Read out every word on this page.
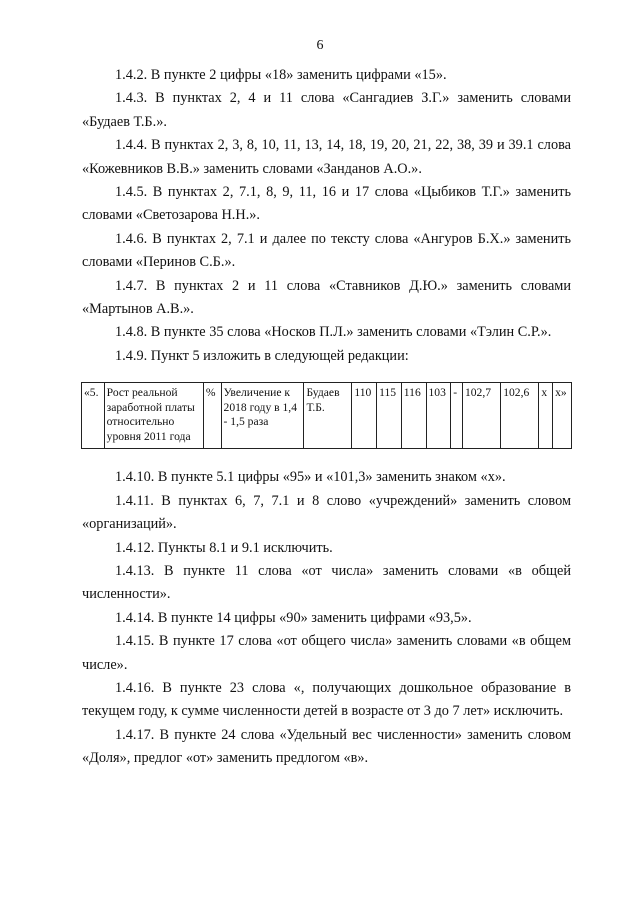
6

1.4.2. В пункте 2 цифры «18» заменить цифрами «15».

1.4.3. В пунктах 2, 4 и 11 слова «Сангадиев З.Г.» заменить словами «Будаев Т.Б.».

1.4.4. В пунктах 2, 3, 8, 10, 11, 13, 14, 18, 19, 20, 21, 22, 38, 39 и 39.1 слова «Кожевников В.В.» заменить словами «Занданов А.О.».

1.4.5. В пунктах 2, 7.1, 8, 9, 11, 16 и 17 слова «Цыбиков Т.Г.» заменить словами «Светозарова Н.Н.».

1.4.6. В пунктах 2, 7.1 и далее по тексту слова «Ангуров Б.Х.» заменить словами «Перинов С.Б.».

1.4.7. В пунктах 2 и 11 слова «Ставников Д.Ю.» заменить словами «Мартынов А.В.».

1.4.8. В пункте 35 слова «Носков П.Л.» заменить словами «Тэлин С.Р.».

1.4.9. Пункт 5 изложить в следующей редакции:

«5.	Рост реальной заработной платы относительно уровня 2011 года	%	Увеличение к 2018 году в 1,4 - 1,5 раза	Будаев Т.Б.	110	115	116	103	-	102,7	102,6	x	x»

1.4.10. В пункте 5.1 цифры «95» и «101,3» заменить знаком «х».

1.4.11. В пунктах 6, 7, 7.1 и 8 слово «учреждений» заменить словом «организаций».

1.4.12. Пункты 8.1 и 9.1 исключить.

1.4.13. В пункте 11 слова «от числа» заменить словами «в общей численности».

1.4.14. В пункте 14 цифры «90» заменить цифрами «93,5».

1.4.15. В пункте 17 слова «от общего числа» заменить словами «в общем числе».

1.4.16. В пункте 23 слова «, получающих дошкольное образование в текущем году, к сумме численности детей в возрасте от 3 до 7 лет» исключить.

1.4.17. В пункте 24 слова «Удельный вес численности» заменить словом «Доля», предлог «от» заменить предлогом «в».
